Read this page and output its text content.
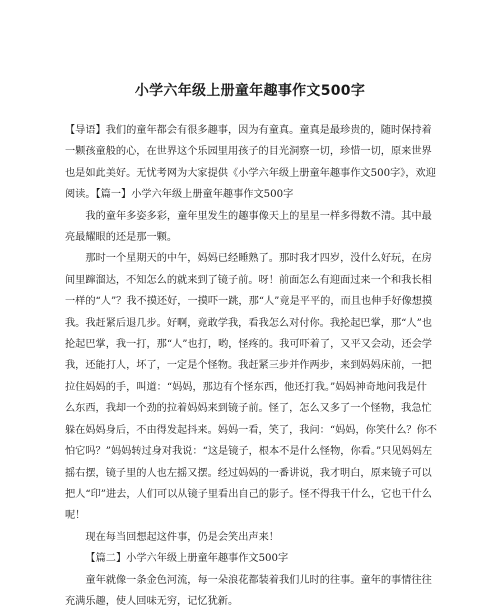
小学六年级上册童年趣事作文500字

【导语】我们的童年都会有很多趣事，因为有童真。童真是最珍贵的，随时保持着一颗孩童般的心，在世界这个乐园里用孩子的目光洞察一切，珍惜一切，原来世界也是如此美好。无忧考网为大家提供《小学六年级上册童年趣事作文500字》，欢迎阅读。【篇一】小学六年级上册童年趣事作文500字

我的童年多姿多彩，童年里发生的趣事像天上的星星一样多得数不清。其中最亮最耀眼的还是那一颗。

那时一个星期天的中午，妈妈已经睡熟了。那时我才四岁，没什么好玩，在房间里蹿溜达，不知怎么的就来到了镜子前。呀！前面怎么有迎面过来一个和我长相一样的“人”？我不摸还好，一摸吓一跳，那“人”竟是平平的，而且也伸手好像想摸我。我赶紧后退几步。好啊，竟敢学我，看我怎么对付你。我抡起巴掌，那“人”也抡起巴掌，我一打，那“人”也打，哟，怪疼的。我可吓着了，又平又会动，还会学我，还能打人，坏了，一定是个怪物。我赶紧三步并作两步，来到妈妈床前，一把拉住妈妈的手，叫道：“妈妈，那边有个怪东西，他还打我。”妈妈神奇地问我是什么东西，我却一个劲的拉着妈妈来到镜子前。怪了，怎么又多了一个怪物，我急忙躲在妈妈身后，不由得发起抖来。妈妈一看，笑了，我问：“妈妈，你笑什么？你不怕它吗？”妈妈转过身对我说：“这是镜子，根本不是什么怪物，你看。”只见妈妈左摇右摆，镜子里的人也左摇又摆。经过妈妈的一番讲说，我才明白，原来镜子可以把人“印”进去，人们可以从镜子里看出自己的影子。怪不得我干什么，它也干什么呢！

现在每当回想起这件事，仍是会笑出声来！

【篇二】小学六年级上册童年趣事作文500字

童年就像一条金色河流，每一朵浪花都装着我们儿时的往事。童年的事情往往充满乐趣，使人回味无穷，记忆犹新。
